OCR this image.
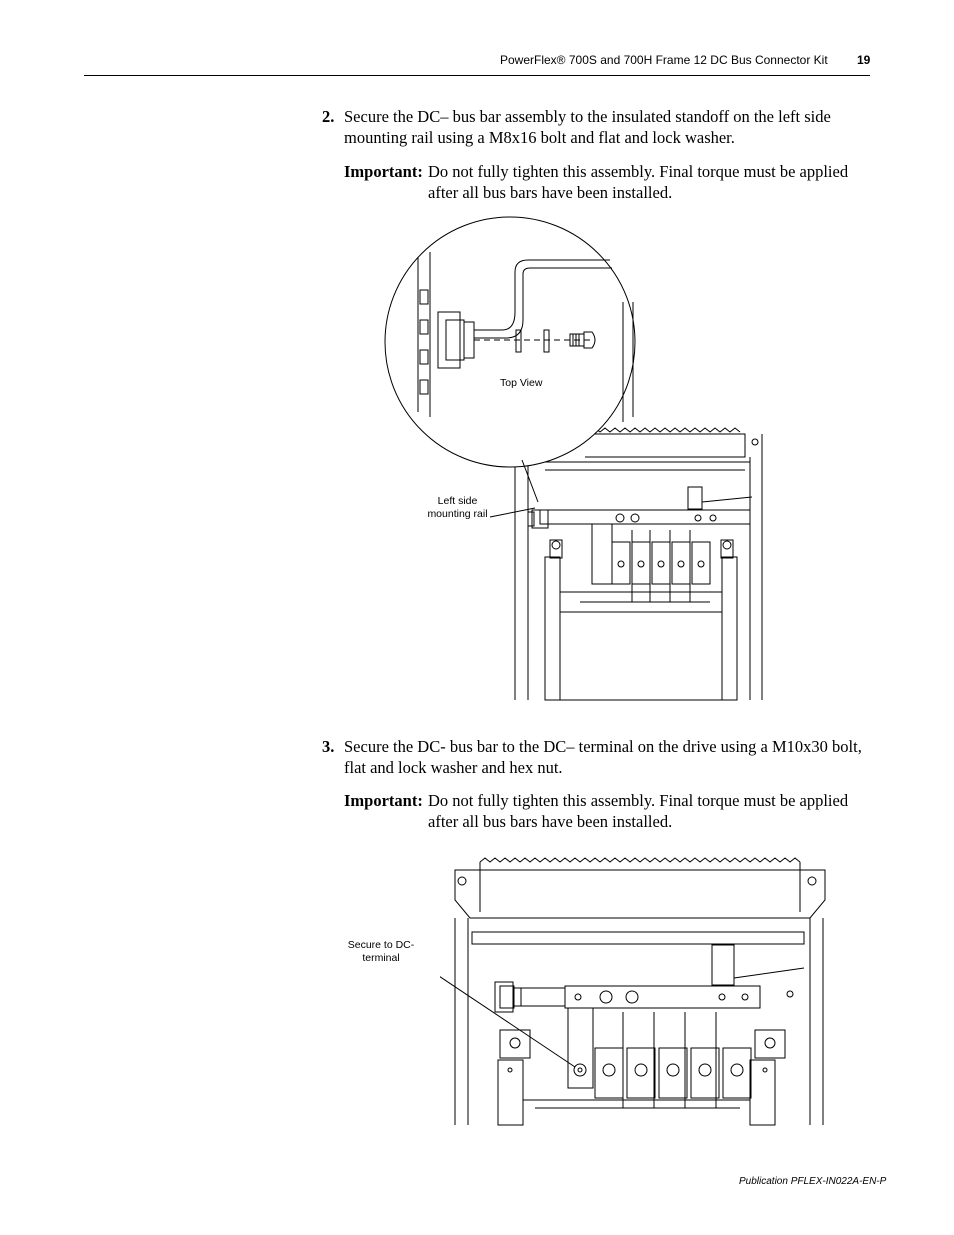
PowerFlex® 700S and 700H Frame 12 DC Bus Connector Kit 19
2. Secure the DC– bus bar assembly to the insulated standoff on the left side mounting rail using a M8x16 bolt and flat and lock washer.
Important: Do not fully tighten this assembly. Final torque must be applied after all bus bars have been installed.
Top View
Left side
mounting rail
3. Secure the DC- bus bar to the DC– terminal on the drive using a M10x30 bolt, flat and lock washer and hex nut.
Important: Do not fully tighten this assembly. Final torque must be applied after all bus bars have been installed.
Secure to DC-
terminal
Publication PFLEX-IN022A-EN-P
